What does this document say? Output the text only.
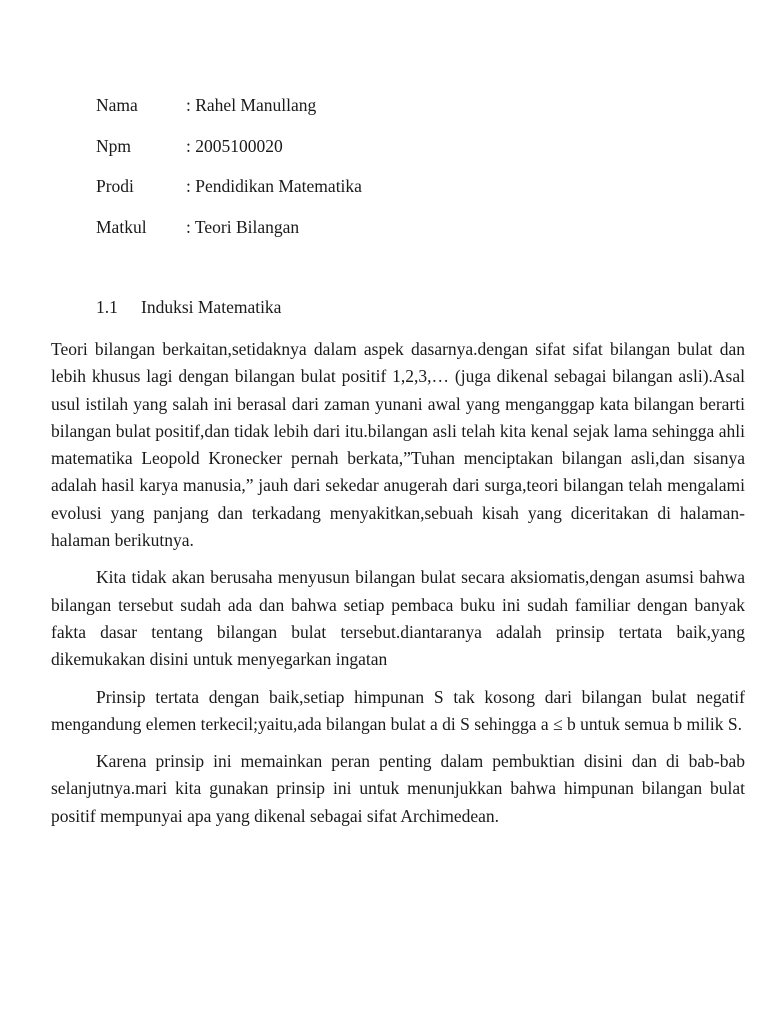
Nama	: Rahel Manullang
Npm	: 2005100020
Prodi	: Pendidikan Matematika
Matkul	: Teori Bilangan
1.1	Induksi Matematika

Teori bilangan berkaitan,setidaknya dalam aspek dasarnya.dengan sifat sifat bilangan bulat dan lebih khusus lagi dengan bilangan bulat positif 1,2,3,… (juga dikenal sebagai bilangan asli).Asal usul istilah yang salah ini berasal dari zaman yunani awal yang menganggap kata bilangan berarti bilangan bulat positif,dan tidak lebih dari itu.bilangan asli telah kita kenal sejak lama sehingga ahli matematika Leopold Kronecker pernah berkata,”Tuhan menciptakan bilangan asli,dan sisanya adalah hasil karya manusia,” jauh dari sekedar anugerah dari surga,teori bilangan telah mengalami evolusi yang panjang dan terkadang menyakitkan,sebuah kisah yang diceritakan di halaman-halaman berikutnya.

Kita tidak akan berusaha menyusun bilangan bulat secara aksiomatis,dengan asumsi bahwa bilangan tersebut sudah ada dan bahwa setiap pembaca buku ini sudah familiar dengan banyak fakta dasar tentang bilangan bulat tersebut.diantaranya adalah prinsip tertata baik,yang dikemukakan disini untuk menyegarkan ingatan

Prinsip tertata dengan baik,setiap himpunan S tak kosong dari bilangan bulat negatif mengandung elemen terkecil;yaitu,ada bilangan bulat a di S sehingga a ≤ b untuk semua b milik S.

Karena prinsip ini memainkan peran penting dalam pembuktian disini dan di bab-bab selanjutnya.mari kita gunakan prinsip ini untuk menunjukkan bahwa himpunan bilangan bulat positif mempunyai apa yang dikenal sebagai sifat Archimedean.
